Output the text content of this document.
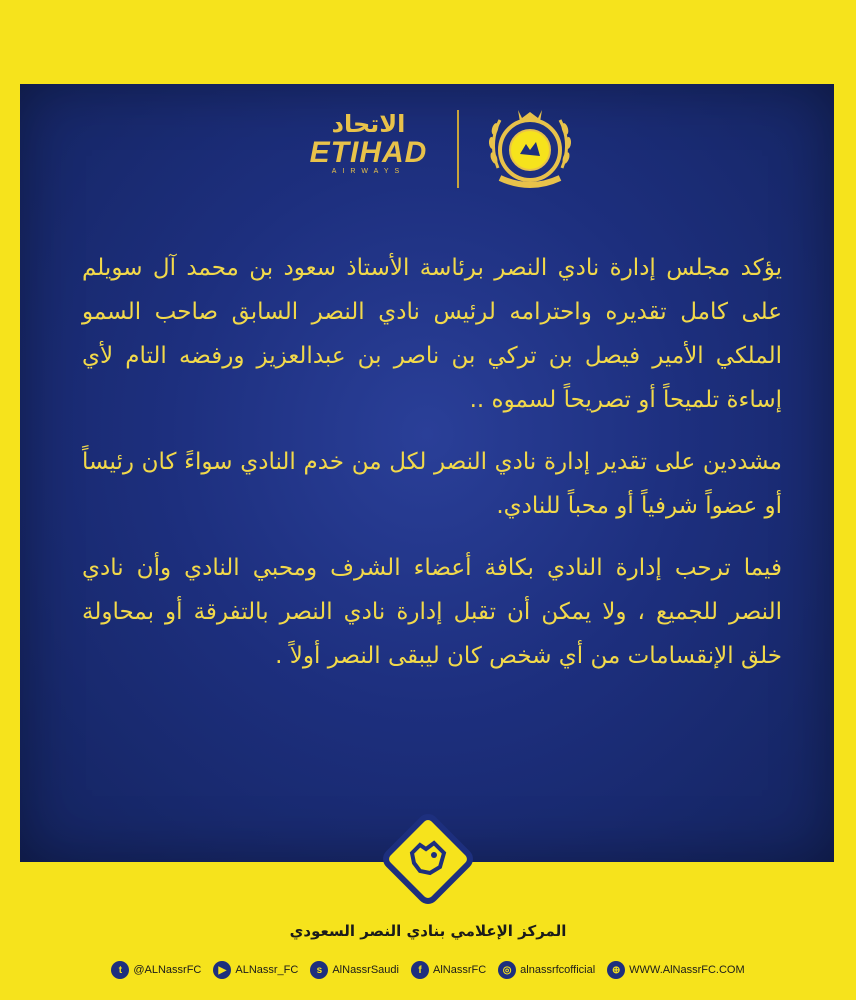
الاتحاد
ETIHAD
AIRWAYS

يؤكد مجلس إدارة نادي النصر برئاسة الأستاذ سعود بن محمد آل سويلم على كامل تقديره واحترامه لرئيس نادي النصر السابق صاحب السمو الملكي الأمير فيصل بن تركي بن ناصر بن عبدالعزيز ورفضه التام لأي إساءة تلميحاً أو تصريحاً لسموه ..

مشددين على تقدير إدارة نادي النصر لكل من خدم النادي سواءً كان رئيساً أو عضواً شرفياً أو محباً للنادي.

فيما ترحب إدارة النادي بكافة أعضاء الشرف ومحبي النادي وأن نادي النصر للجميع ، ولا يمكن أن تقبل إدارة نادي النصر بالتفرقة أو بمحاولة خلق الإنقسامات من أي شخص كان ليبقى النصر أولاً .

المركز الإعلامي بنادي النصر السعودي
t	@ALNassrFC	▶ ALNassr_FC	s AlNassrSaudi	f	AlNassrFC	◎ alnassrfcofficial	⊕ WWW.AlNassrFC.COM
